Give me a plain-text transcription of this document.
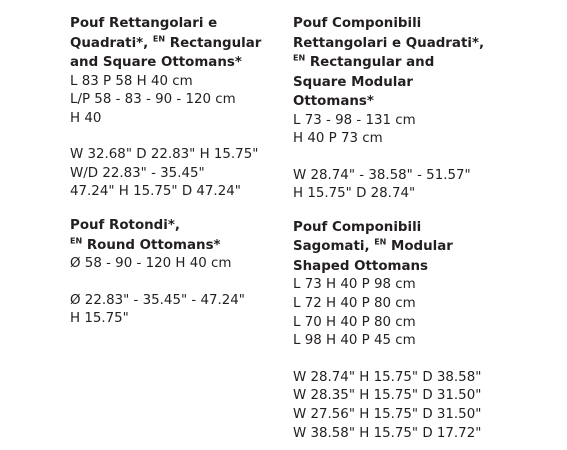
Pouf Rettangolari e

Quadrati*, $^{EN}$ Rectangular

and Square Ottomans*

L 83 P 58 H 40 cm

L/P 58 - 83 - 90 - 120 cm

H 40

W 32.68" D 22.83" H 15.75"

W/D 22.83" - 35.45"

47.24" H 15.75" D 47.24"

Pouf Rotondi*,

$^{EN}$ Round Ottomans*

Ø 58 - 90 - 120 H 40 cm

Ø 22.83" - 35.45" - 47.24"

H 15.75"

Pouf Componibili

Rettangolari e Quadrati*,

$^{EN}$ Rectangular and

Square Modular

Ottomans*

L 73 - 98 - 131 cm

H 40 P 73 cm

W 28.74" - 38.58" - 51.57"

H 15.75" D 28.74"

Pouf Componibili

Sagomati, $^{EN}$ Modular

Shaped Ottomans

L 73 H 40 P 98 cm

L 72 H 40 P 80 cm

L 70 H 40 P 80 cm

L 98 H 40 P 45 cm

W 28.74" H 15.75" D 38.58"

W 28.35" H 15.75" D 31.50"

W 27.56" H 15.75" D 31.50"

W 38.58" H 15.75" D 17.72"
